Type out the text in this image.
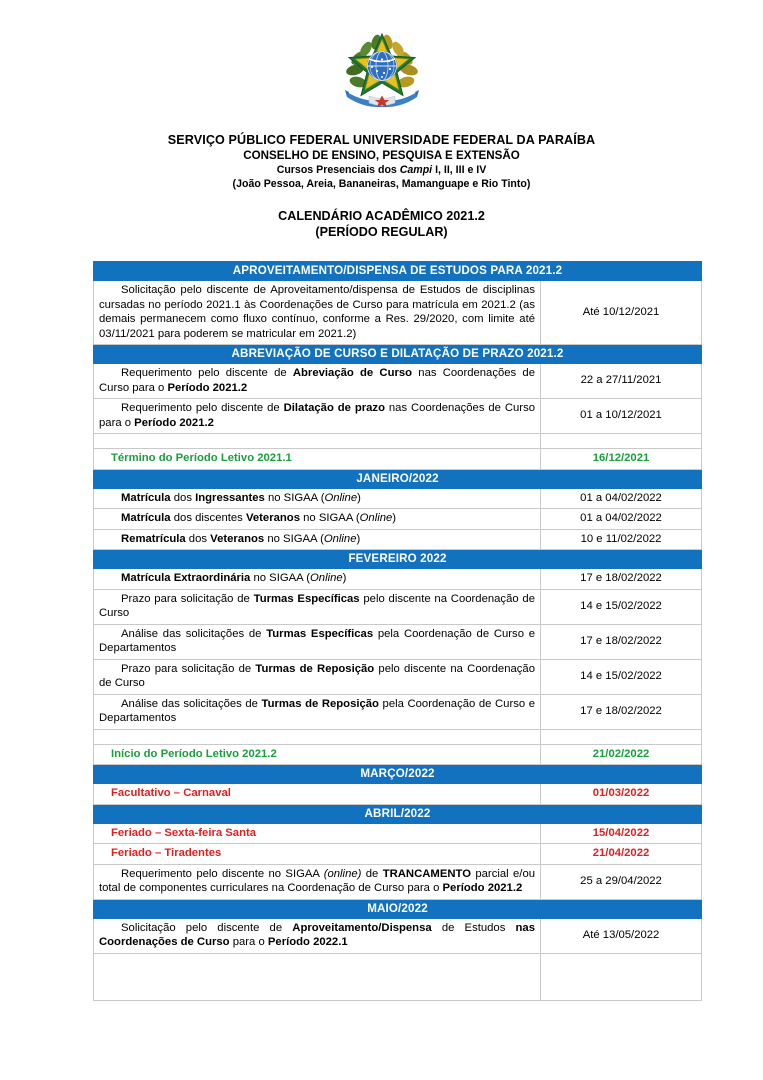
SERVIÇO PÚBLICO FEDERAL UNIVERSIDADE FEDERAL DA PARAÍBA
CONSELHO DE ENSINO, PESQUISA E EXTENSÃO
Cursos Presenciais dos Campi I, II, III e IV
(João Pessoa, Areia, Bananeiras, Mamanguape e Rio Tinto)
CALENDÁRIO ACADÊMICO 2021.2
(PERÍODO REGULAR)
APROVEITAMENTO/DISPENSA DE ESTUDOS PARA 2021.2	

Solicitação pelo discente de Aproveitamento/dispensa de Estudos de disciplinas cursadas no período 2021.1 às Coordenações de Curso para matrícula em 2021.2 (as demais permanecem como fluxo contínuo, conforme a Res. 29/2020, com limite até 03/11/2021 para poderem se matricular em 2021.2)	Até 10/12/2021
ABREVIAÇÃO DE CURSO E DILATAÇÃO DE PRAZO 2021.2	

Requerimento pelo discente de Abreviação de Curso nas Coordenações de Curso para o Período 2021.2	22 a 27/11/2021

Requerimento pelo discente de Dilatação de prazo nas Coordenações de Curso para o Período 2021.2	01 a 10/12/2021

Término do Período Letivo 2021.1	16/12/2021
JANEIRO/2022	

Matrícula dos Ingressantes no SIGAA (Online)	01 a 04/02/2022

Matrícula dos discentes Veteranos no SIGAA (Online)	01 a 04/02/2022

Rematrícula dos Veteranos no SIGAA (Online)	10 e 11/02/2022
FEVEREIRO 2022	

Matrícula Extraordinária no SIGAA (Online)	17 e 18/02/2022

Prazo para solicitação de Turmas Específicas pelo discente na Coordenação de Curso	14 e 15/02/2022

Análise das solicitações de Turmas Específicas pela Coordenação de Curso e Departamentos	17 e 18/02/2022

Prazo para solicitação de Turmas de Reposição pelo discente na Coordenação de Curso	14 e 15/02/2022

Análise das solicitações de Turmas de Reposição pela Coordenação de Curso e Departamentos	17 e 18/02/2022

Início do Período Letivo 2021.2	21/02/2022
MARÇO/2022	

Facultativo – Carnaval	01/03/2022
ABRIL/2022	

Feriado – Sexta-feira Santa	15/04/2022

Feriado – Tiradentes	21/04/2022

Requerimento pelo discente no SIGAA (online) de TRANCAMENTO parcial e/ou total de componentes curriculares na Coordenação de Curso para o Período 2021.2	25 a 29/04/2022
MAIO/2022	

Solicitação pelo discente de Aproveitamento/Dispensa de Estudos nas Coordenações de Curso para o Período 2022.1	Até 13/05/2022
